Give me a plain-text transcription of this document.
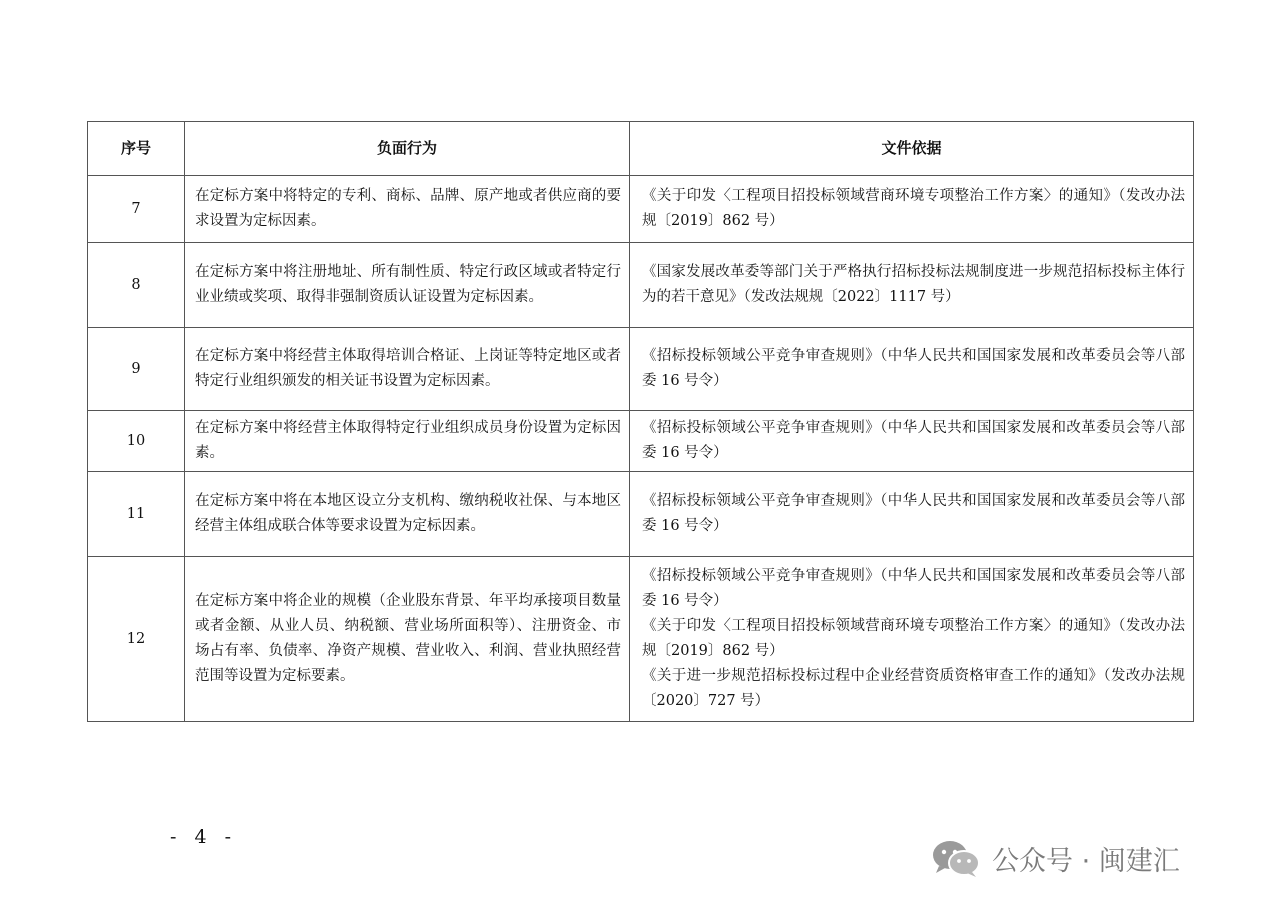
序号	负面行为	文件依据
7	在定标方案中将特定的专利、商标、品牌、原产地或者供应商的要求设置为定标因素。	《关于印发〈工程项目招投标领域营商环境专项整治工作方案〉的通知》（发改办法规〔2019〕862 号）

8	在定标方案中将注册地址、所有制性质、特定行政区域或者特定行业业绩或奖项、取得非强制资质认证设置为定标因素。	《国家发展改革委等部门关于严格执行招标投标法规制度进一步规范招标投标主体行为的若干意见》（发改法规规〔2022〕1117 号）

9	在定标方案中将经营主体取得培训合格证、上岗证等特定地区或者特定行业组织颁发的相关证书设置为定标因素。	《招标投标领域公平竞争审查规则》（中华人民共和国国家发展和改革委员会等八部委 16 号令）

10	在定标方案中将经营主体取得特定行业组织成员身份设置为定标因素。	《招标投标领域公平竞争审查规则》（中华人民共和国国家发展和改革委员会等八部委 16 号令）

11	在定标方案中将在本地区设立分支机构、缴纳税收社保、与本地区经营主体组成联合体等要求设置为定标因素。	《招标投标领域公平竞争审查规则》（中华人民共和国国家发展和改革委员会等八部委 16 号令）

12	在定标方案中将企业的规模（企业股东背景、年平均承接项目数量或者金额、从业人员、纳税额、营业场所面积等）、注册资金、市场占有率、负债率、净资产规模、营业收入、利润、营业执照经营范围等设置为定标要素。	《招标投标领域公平竞争审查规则》（中华人民共和国国家发展和改革委员会等八部委 16 号令）
《关于印发〈工程项目招投标领域营商环境专项整治工作方案〉的通知》（发改办法规〔2019〕862 号）
《关于进一步规范招标投标过程中企业经营资质资格审查工作的通知》（发改办法规〔2020〕727 号）
- 4 -
公众号 · 闽建汇
